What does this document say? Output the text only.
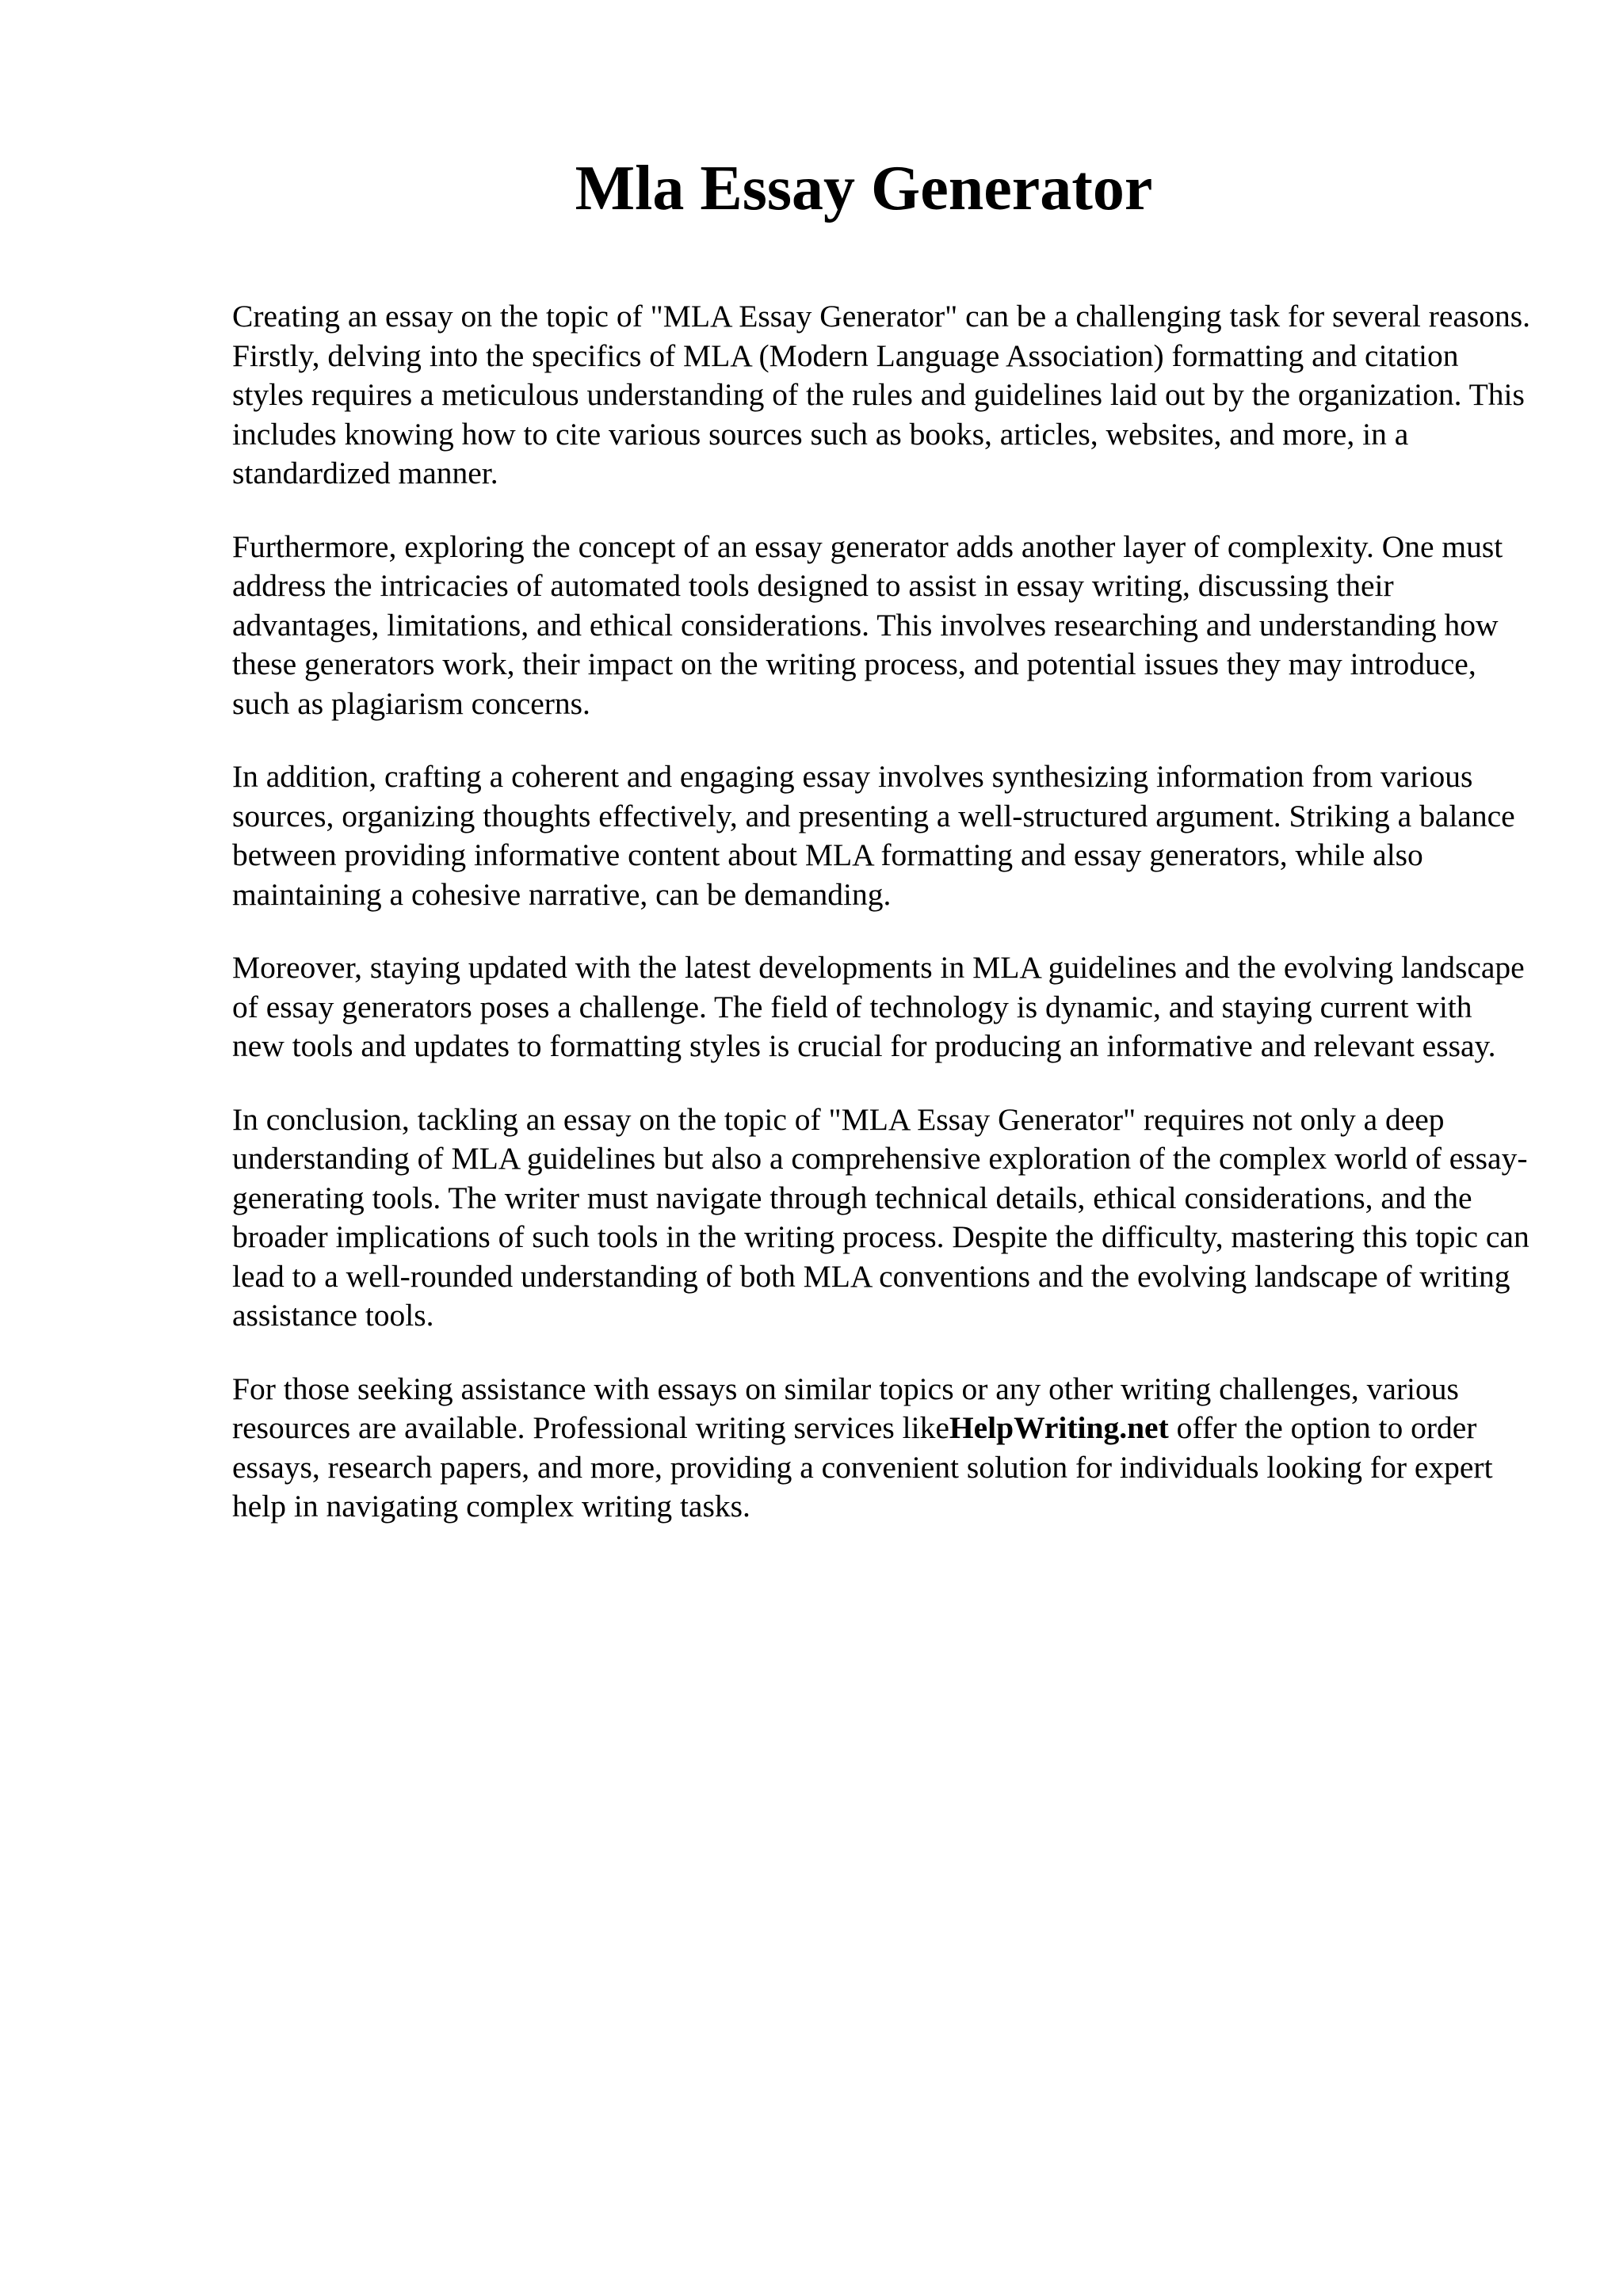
Mla Essay Generator

Creating an essay on the topic of "MLA Essay Generator" can be a challenging task for several reasons. Firstly, delving into the specifics of MLA (Modern Language Association) formatting and citation styles requires a meticulous understanding of the rules and guidelines laid out by the organization. This includes knowing how to cite various sources such as books, articles, websites, and more, in a standardized manner.

Furthermore, exploring the concept of an essay generator adds another layer of complexity. One must address the intricacies of automated tools designed to assist in essay writing, discussing their advantages, limitations, and ethical considerations. This involves researching and understanding how these generators work, their impact on the writing process, and potential issues they may introduce, such as plagiarism concerns.

In addition, crafting a coherent and engaging essay involves synthesizing information from various sources, organizing thoughts effectively, and presenting a well-structured argument. Striking a balance between providing informative content about MLA formatting and essay generators, while also maintaining a cohesive narrative, can be demanding.

Moreover, staying updated with the latest developments in MLA guidelines and the evolving landscape of essay generators poses a challenge. The field of technology is dynamic, and staying current with new tools and updates to formatting styles is crucial for producing an informative and relevant essay.

In conclusion, tackling an essay on the topic of "MLA Essay Generator" requires not only a deep understanding of MLA guidelines but also a comprehensive exploration of the complex world of essay-generating tools. The writer must navigate through technical details, ethical considerations, and the broader implications of such tools in the writing process. Despite the difficulty, mastering this topic can lead to a well-rounded understanding of both MLA conventions and the evolving landscape of writing assistance tools.

For those seeking assistance with essays on similar topics or any other writing challenges, various resources are available. Professional writing services likeHelpWriting.net offer the option to order essays, research papers, and more, providing a convenient solution for individuals looking for expert help in navigating complex writing tasks.
